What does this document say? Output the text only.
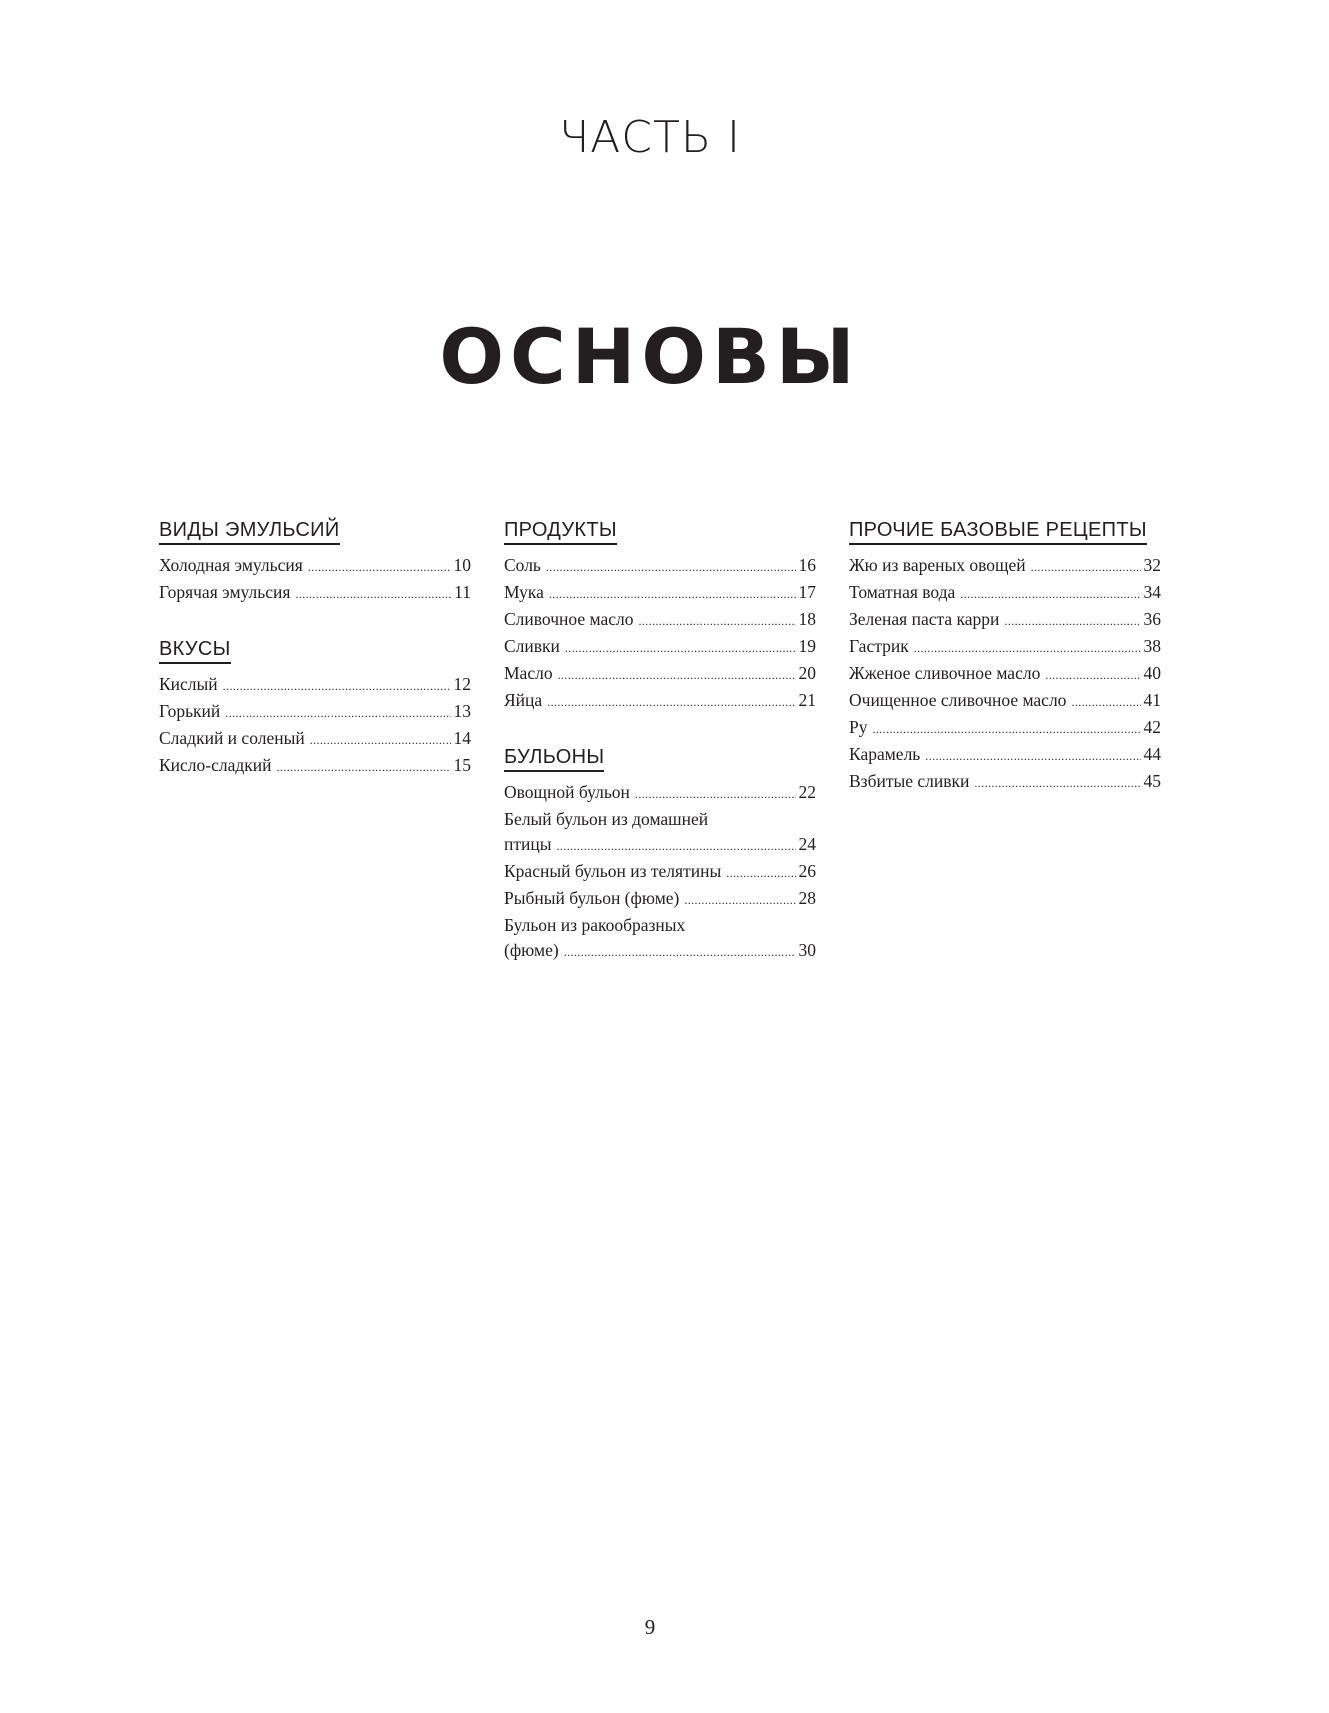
ЧАСТЬ I
ОСНОВЫ
ВИДЫ ЭМУЛЬСИЙ
Холодная эмульсия .....	10
Горячая эмульсия .....	11
ВКУСЫ
Кислый .....	12
Горький .....	13
Сладкий и соленый .....	14
Кисло-сладкий .....	15
ПРОДУКТЫ
Соль .....	16
Мука .....	17
Сливочное масло .....	18
Сливки .....	19
Масло .....	20
Яйца .....	21
БУЛЬОНЫ
Овощной бульон .....	22
Белый бульон из домашней
птицы .....	24
Красный бульон из телятины .....	26
Рыбный бульон (фюме) .....	28
Бульон из ракообразных
(фюме) .....	30
ПРОЧИЕ БАЗОВЫЕ РЕЦЕПТЫ
Жю из вареных овощей .....	32
Томатная вода .....	34
Зеленая паста карри .....	36
Гастрик .....	38
Жженое сливочное масло .....	40
Очищенное сливочное масло .....	41
Ру .....	42
Карамель .....	44
Взбитые сливки .....	45
9
